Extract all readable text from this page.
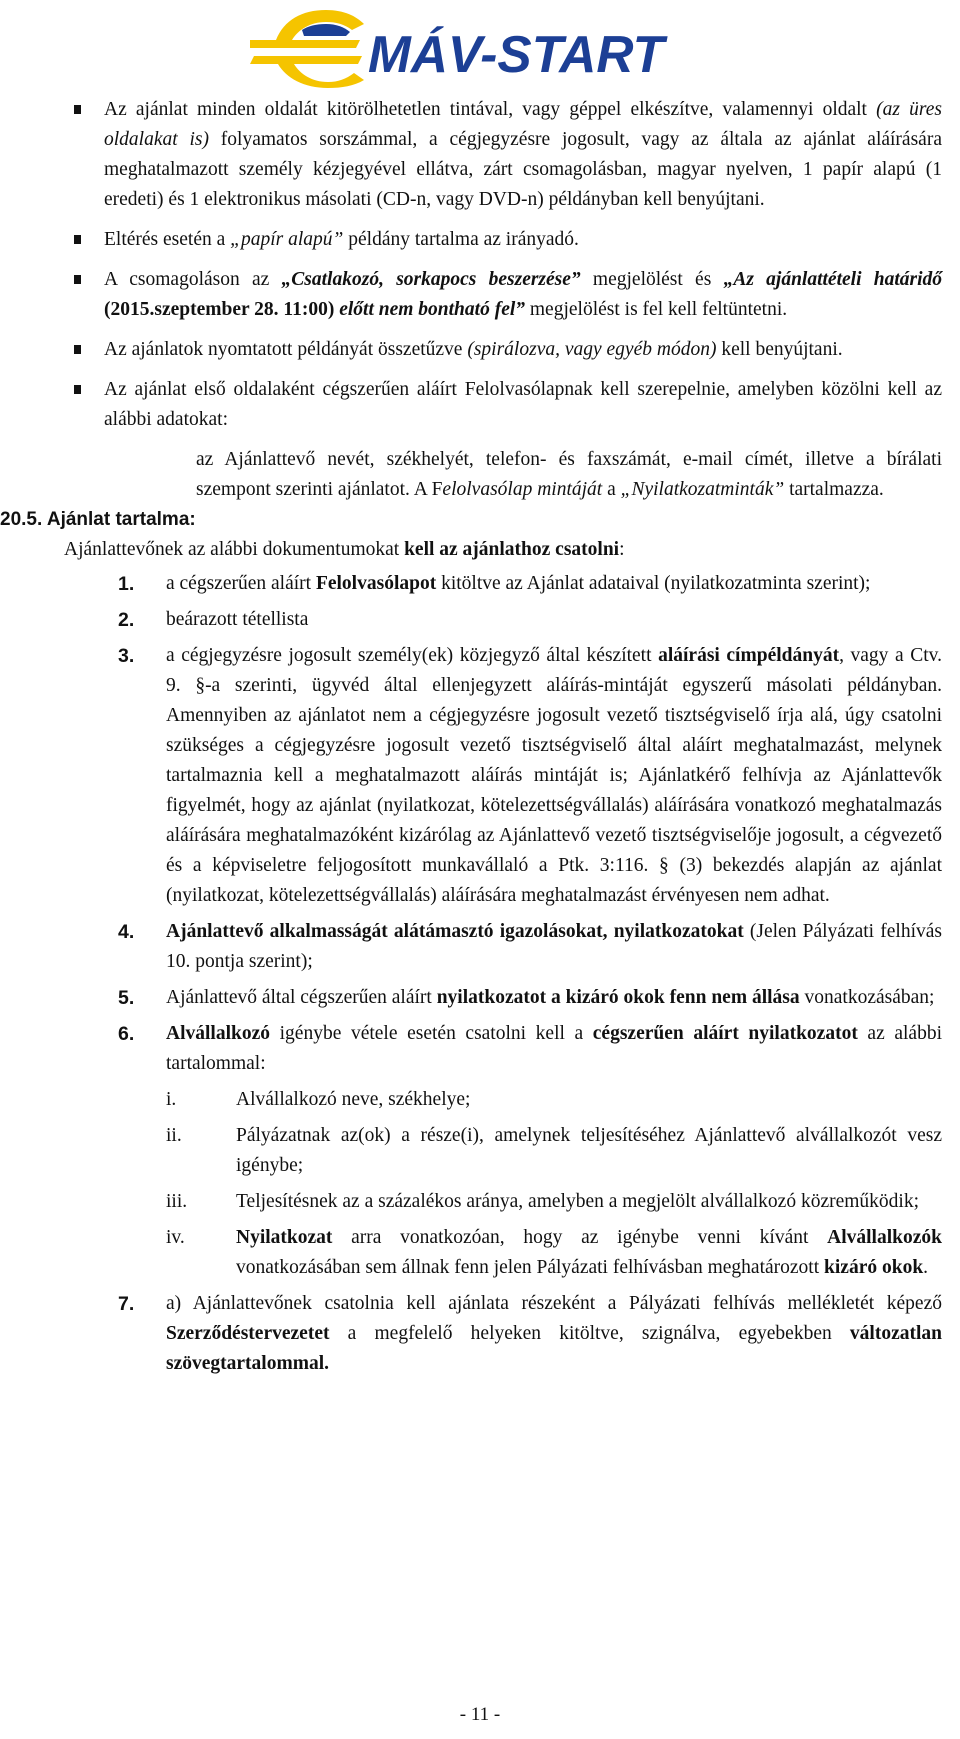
MÁV-START
Az ajánlat minden oldalát kitörölhetetlen tintával, vagy géppel elkészítve, valamennyi oldalt (az üres oldalakat is) folyamatos sorszámmal, a cégjegyzésre jogosult, vagy az általa az ajánlat aláírására meghatalmazott személy kézjegyével ellátva, zárt csomagolásban, magyar nyelven, 1 papír alapú (1 eredeti) és 1 elektronikus másolati (CD-n, vagy DVD-n) példányban kell benyújtani.
Eltérés esetén a „papír alapú” példány tartalma az irányadó.
A csomagoláson az „Csatlakozó, sorkapocs beszerzése” megjelölést és „Az ajánlattételi határidő (2015.szeptember 28. 11:00) előtt nem bontható fel” megjelölést is fel kell feltüntetni.
Az ajánlatok nyomtatott példányát összetűzve (spirálozva, vagy egyéb módon) kell benyújtani.
Az ajánlat első oldalaként cégszerűen aláírt Felolvasólapnak kell szerepelnie, amelyben közölni kell az alábbi adatokat:

az Ajánlattevő nevét, székhelyét, telefon- és faxszámát, e-mail címét, illetve a bírálati szempont szerinti ajánlatot. A Felolvasólap mintáját a „Nyilatkozatminták” tartalmazza.

20.5. Ajánlat tartalma:

Ajánlattevőnek az alábbi dokumentumokat kell az ajánlathoz csatolni:

1. a cégszerűen aláírt Felolvasólapot kitöltve az Ajánlat adataival (nyilatkozatminta szerint);
2. beárazott tétellista
3. a cégjegyzésre jogosult személy(ek) közjegyző által készített aláírási címpéldányát, vagy a Ctv. 9. §-a szerinti, ügyvéd által ellenjegyzett aláírás-mintáját egyszerű másolati példányban. Amennyiben az ajánlatot nem a cégjegyzésre jogosult vezető tisztségviselő írja alá, úgy csatolni szükséges a cégjegyzésre jogosult vezető tisztségviselő által aláírt meghatalmazást, melynek tartalmaznia kell a meghatalmazott aláírás mintáját is; Ajánlatkérő felhívja az Ajánlattevők figyelmét, hogy az ajánlat (nyilatkozat, kötelezettségvállalás) aláírására vonatkozó meghatalmazás aláírására meghatalmazóként kizárólag az Ajánlattevő vezető tisztségviselője jogosult, a cégvezető és a képviseletre feljogosított munkavállaló a Ptk. 3:116. § (3) bekezdés alapján az ajánlat (nyilatkozat, kötelezettségvállalás) aláírására meghatalmazást érvényesen nem adhat.
4. Ajánlattevő alkalmasságát alátámasztó igazolásokat, nyilatkozatokat (Jelen Pályázati felhívás 10. pontja szerint);
5. Ajánlattevő által cégszerűen aláírt nyilatkozatot a kizáró okok fenn nem állása vonatkozásában;
6. Alvállalkozó igénybe vétele esetén csatolni kell a cégszerűen aláírt nyilatkozatot az alábbi tartalommal:
i.	Alvállalkozó neve, székhelye;
ii.	Pályázatnak az(ok) a része(i), amelynek teljesítéséhez Ajánlattevő alvállalkozót vesz igénybe;
iii.	Teljesítésnek az a százalékos aránya, amelyben a megjelölt alvállalkozó közreműködik;
iv.	Nyilatkozat arra vonatkozóan, hogy az igénybe venni kívánt Alvállalkozók vonatkozásában sem állnak fenn jelen Pályázati felhívásban meghatározott kizáró okok.
7. a) Ajánlattevőnek csatolnia kell ajánlata részeként a Pályázati felhívás mellékletét képező Szerződéstervezetet a megfelelő helyeken kitöltve, szignálva, egyebekben változatlan szövegtartalommal.
- 11 -
